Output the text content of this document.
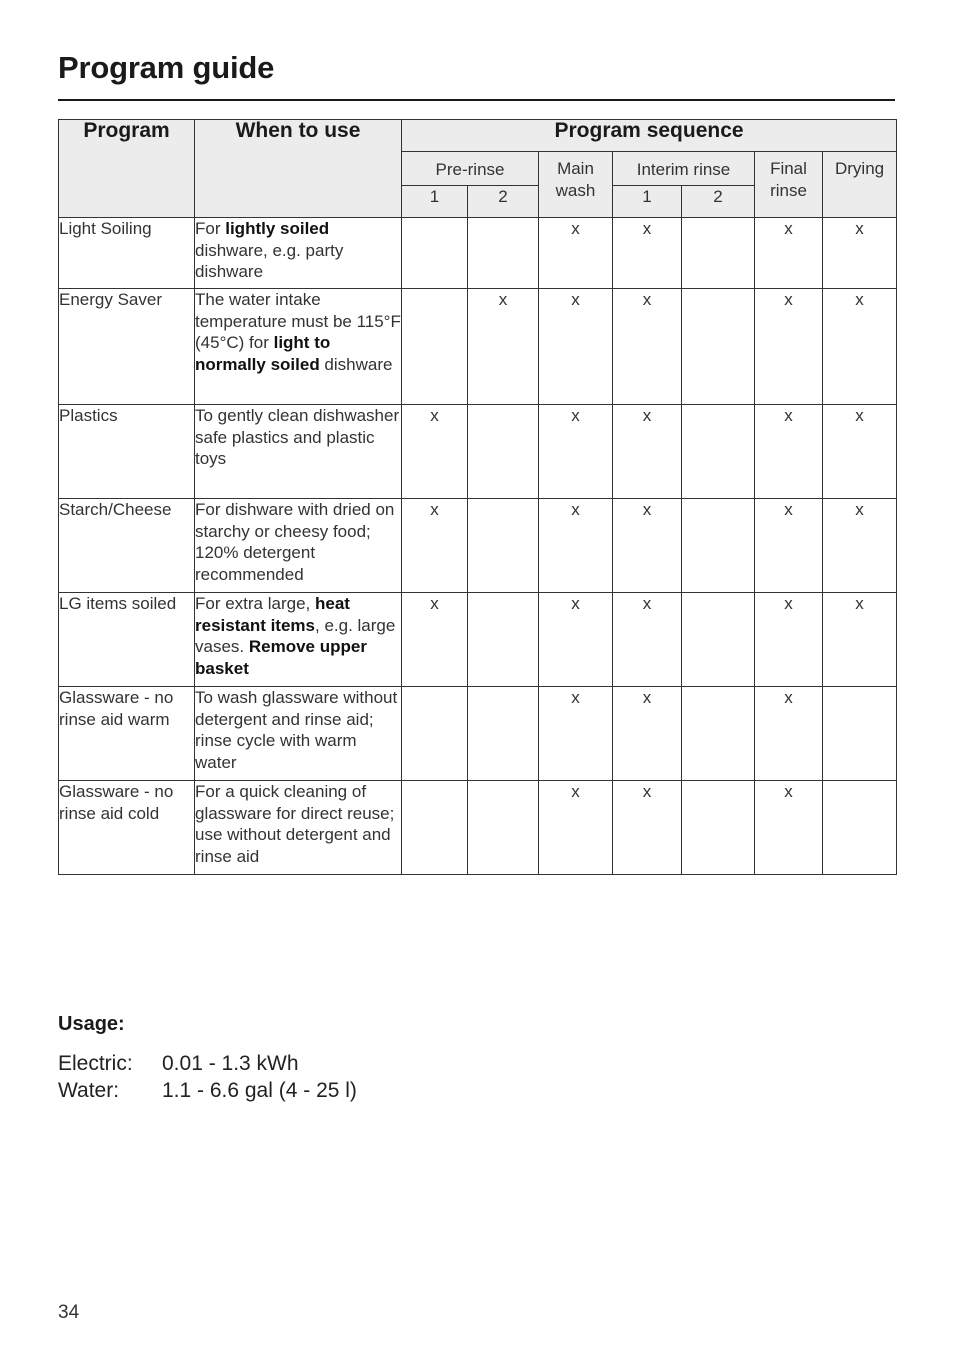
Program guide
Program	When to use	Program sequence						
		Pre-rinse		Main wash	Interim rinse		Final rinse	Drying
		1	2		1	2		
Light Soiling	For lightly soiled dishware, e.g. party dishware			x	x		x	x
Energy Saver	The water intake temperature must be 115°F (45°C) for light to normally soiled dishware		x	x	x		x	x
Plastics	To gently clean dishwasher safe plastics and plastic toys	x		x	x		x	x
Starch/Cheese	For dishware with dried on starchy or cheesy food; 120% detergent recommended	x		x	x		x	x
LG items soiled	For extra large, heat resistant items, e.g. large vases. Remove upper basket	x		x	x		x	x
Glassware - no rinse aid warm	To wash glassware without detergent and rinse aid; rinse cycle with warm water			x	x		x	
Glassware - no rinse aid cold	For a quick cleaning of glassware for direct reuse; use without detergent and rinse aid			x	x		x	
Usage:
Electric: 0.01 - 1.3 kWh
Water: 1.1 - 6.6 gal (4 - 25 l)
34
